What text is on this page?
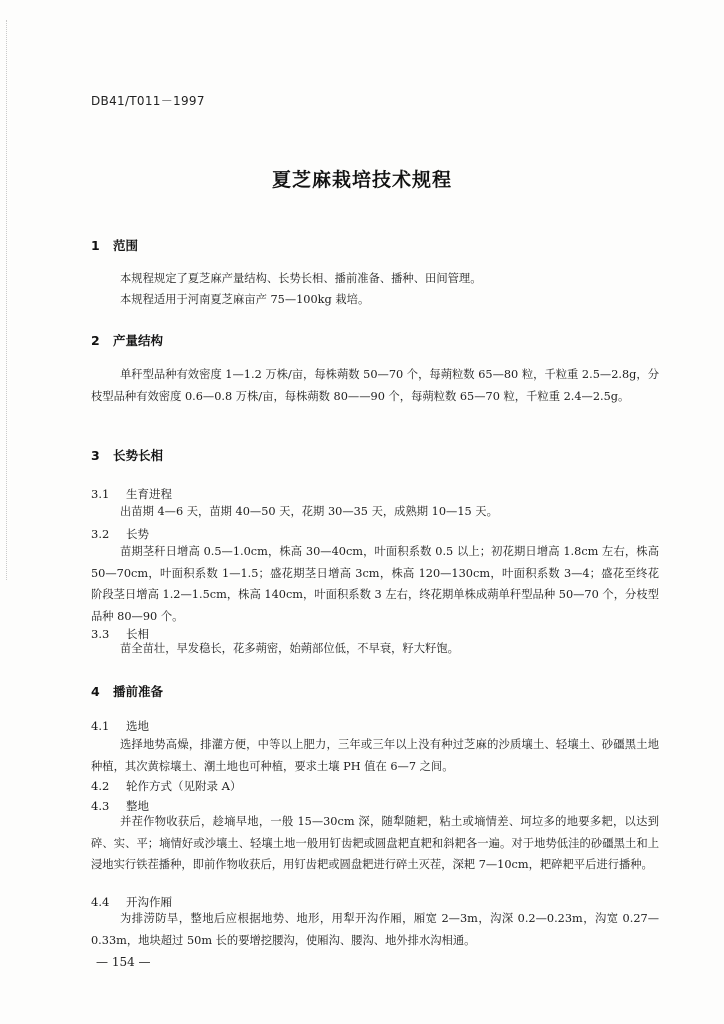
DB41/T011－1997
夏芝麻栽培技术规程
1 范围
本规程规定了夏芝麻产量结构、长势长相、播前准备、播种、田间管理。
本规程适用于河南夏芝麻亩产 75—100kg 栽培。
2 产量结构
单秆型品种有效密度 1—1.2 万株/亩，每株蒴数 50—70 个，每蒴粒数 65—80 粒，千粒重 2.5—2.8g，分枝型品种有效密度 0.6—0.8 万株/亩，每株蒴数 80——90 个，每蒴粒数 65—70 粒，千粒重 2.4—2.5g。
3 长势长相
3.1 生育进程
出苗期 4—6 天，苗期 40—50 天，花期 30—35 天，成熟期 10—15 天。
3.2 长势
苗期茎秆日增高 0.5—1.0cm，株高 30—40cm，叶面积系数 0.5 以上；初花期日增高 1.8cm 左右，株高 50—70cm，叶面积系数 1—1.5；盛花期茎日增高 3cm，株高 120—130cm，叶面积系数 3—4；盛花至终花阶段茎日增高 1.2—1.5cm，株高 140cm，叶面积系数 3 左右，终花期单株成蒴单秆型品种 50—70 个，分枝型品种 80—90 个。
3.3 长相
苗全苗壮，早发稳长，花多蒴密，始蒴部位低，不早衰，籽大籽饱。
4 播前准备
4.1 选地
选择地势高燥，排灌方便，中等以上肥力，三年或三年以上没有种过芝麻的沙质壤土、轻壤土、砂礓黑土地种植，其次黄棕壤土、潮土地也可种植，要求土壤 PH 值在 6—7 之间。
4.2 轮作方式（见附录 A）
4.3 整地
并茬作物收获后，趁墒早地，一般 15—30cm 深，随犁随耙，粘土或墒情差、坷垃多的地要多耙，以达到碎、实、平；墒情好或沙壤土、轻壤土地一般用钉齿耙或圆盘耙直耙和斜耙各一遍。对于地势低洼的砂礓黑土和上浸地实行铁茬播种，即前作物收获后，用钉齿耙或圆盘耙进行碎土灭茬，深耙 7—10cm，耙碎耙平后进行播种。
4.4 开沟作厢
为排涝防旱，整地后应根据地势、地形，用犁开沟作厢，厢宽 2—3m，沟深 0.2—0.23m，沟宽 0.27—0.33m，地块超过 50m 长的要增挖腰沟，使厢沟、腰沟、地外排水沟相通。
— 154 —
